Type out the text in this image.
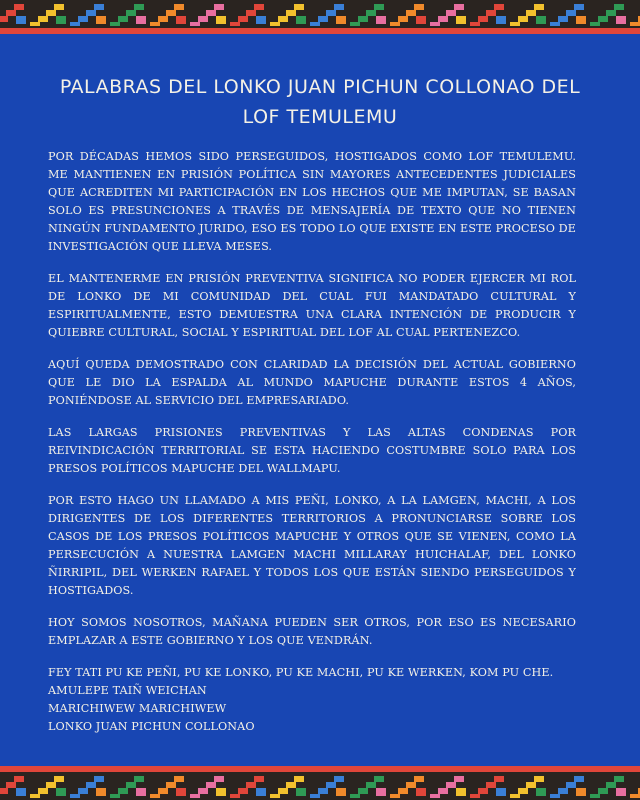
PALABRAS DEL LONKO JUAN PICHUN COLLONAO DEL
LOF TEMULEMU

POR DÉCADAS HEMOS SIDO PERSEGUIDOS, HOSTIGADOS COMO LOF TEMULEMU. ME MANTIENEN EN PRISIÓN POLÍTICA SIN MAYORES ANTECEDENTES JUDICIALES QUE ACREDITEN MI PARTICIPACIÓN EN LOS HECHOS QUE ME IMPUTAN, SE BASAN SOLO ES PRESUNCIONES A TRAVÉS DE MENSAJERÍA DE TEXTO QUE NO TIENEN NINGÚN FUNDAMENTO JURIDO, ESO ES TODO LO QUE EXISTE EN ESTE PROCESO DE INVESTIGACIÓN QUE LLEVA MESES.

EL MANTENERME EN PRISIÓN PREVENTIVA SIGNIFICA NO PODER EJERCER MI ROL DE LONKO DE MI COMUNIDAD DEL CUAL FUI MANDATADO CULTURAL Y ESPIRITUALMENTE, ESTO DEMUESTRA UNA CLARA INTENCIÓN DE PRODUCIR Y QUIEBRE CULTURAL, SOCIAL Y ESPIRITUAL DEL LOF AL CUAL PERTENEZCO.

AQUÍ QUEDA DEMOSTRADO CON CLARIDAD LA DECISIÓN DEL ACTUAL GOBIERNO QUE LE DIO LA ESPALDA AL MUNDO MAPUCHE DURANTE ESTOS 4 AÑOS, PONIÉNDOSE AL SERVICIO DEL EMPRESARIADO.

LAS LARGAS PRISIONES PREVENTIVAS Y LAS ALTAS CONDENAS POR REIVINDICACIÓN TERRITORIAL SE ESTA HACIENDO COSTUMBRE SOLO PARA LOS PRESOS POLÍTICOS MAPUCHE DEL WALLMAPU.

POR ESTO HAGO UN LLAMADO A MIS PEÑI, LONKO, A LA LAMGEN, MACHI, A LOS DIRIGENTES DE LOS DIFERENTES TERRITORIOS A PRONUNCIARSE SOBRE LOS CASOS DE LOS PRESOS POLÍTICOS MAPUCHE Y OTROS QUE SE VIENEN, COMO LA PERSECUCIÓN A NUESTRA LAMGEN MACHI MILLARAY HUICHALAF, DEL LONKO ÑIRRIPIL, DEL WERKEN RAFAEL Y TODOS LOS QUE ESTÁN SIENDO PERSEGUIDOS Y HOSTIGADOS.

HOY SOMOS NOSOTROS, MAÑANA PUEDEN SER OTROS, POR ESO ES NECESARIO EMPLAZAR A ESTE GOBIERNO Y LOS QUE VENDRÁN.

FEY TATI PU KE PEÑI, PU KE LONKO, PU KE MACHI, PU KE WERKEN, KOM PU CHE.

AMULEPE TAIÑ WEICHAN

MARICHIWEW MARICHIWEW

LONKO JUAN PICHUN COLLONAO
